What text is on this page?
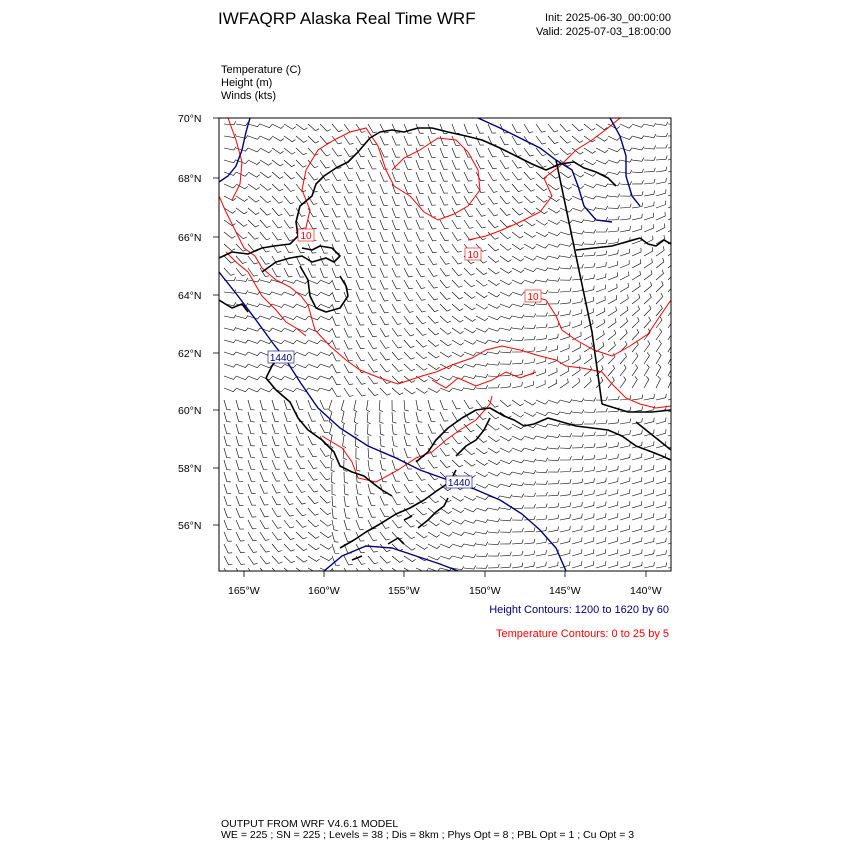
IWFAQRP Alaska Real Time WRF	Init: 2025-06-30_00:00:00
Valid: 2025-07-03_18:00:00
Temperature (C)
Height (m)
Winds (kts)
1440
1440
10
10
10
70°N
68°N
66°N
64°N
62°N
60°N
58°N
56°N
165°W	160°W	155°W	150°W	145°W	140°W
Height Contours: 1200 to 1620 by 60
Temperature Contours: 0 to 25 by 5
OUTPUT FROM WRF V4.6.1 MODEL
WE = 225 ; SN = 225 ; Levels = 38 ; Dis = 8km ; Phys Opt = 8 ; PBL Opt = 1 ; Cu Opt = 3
